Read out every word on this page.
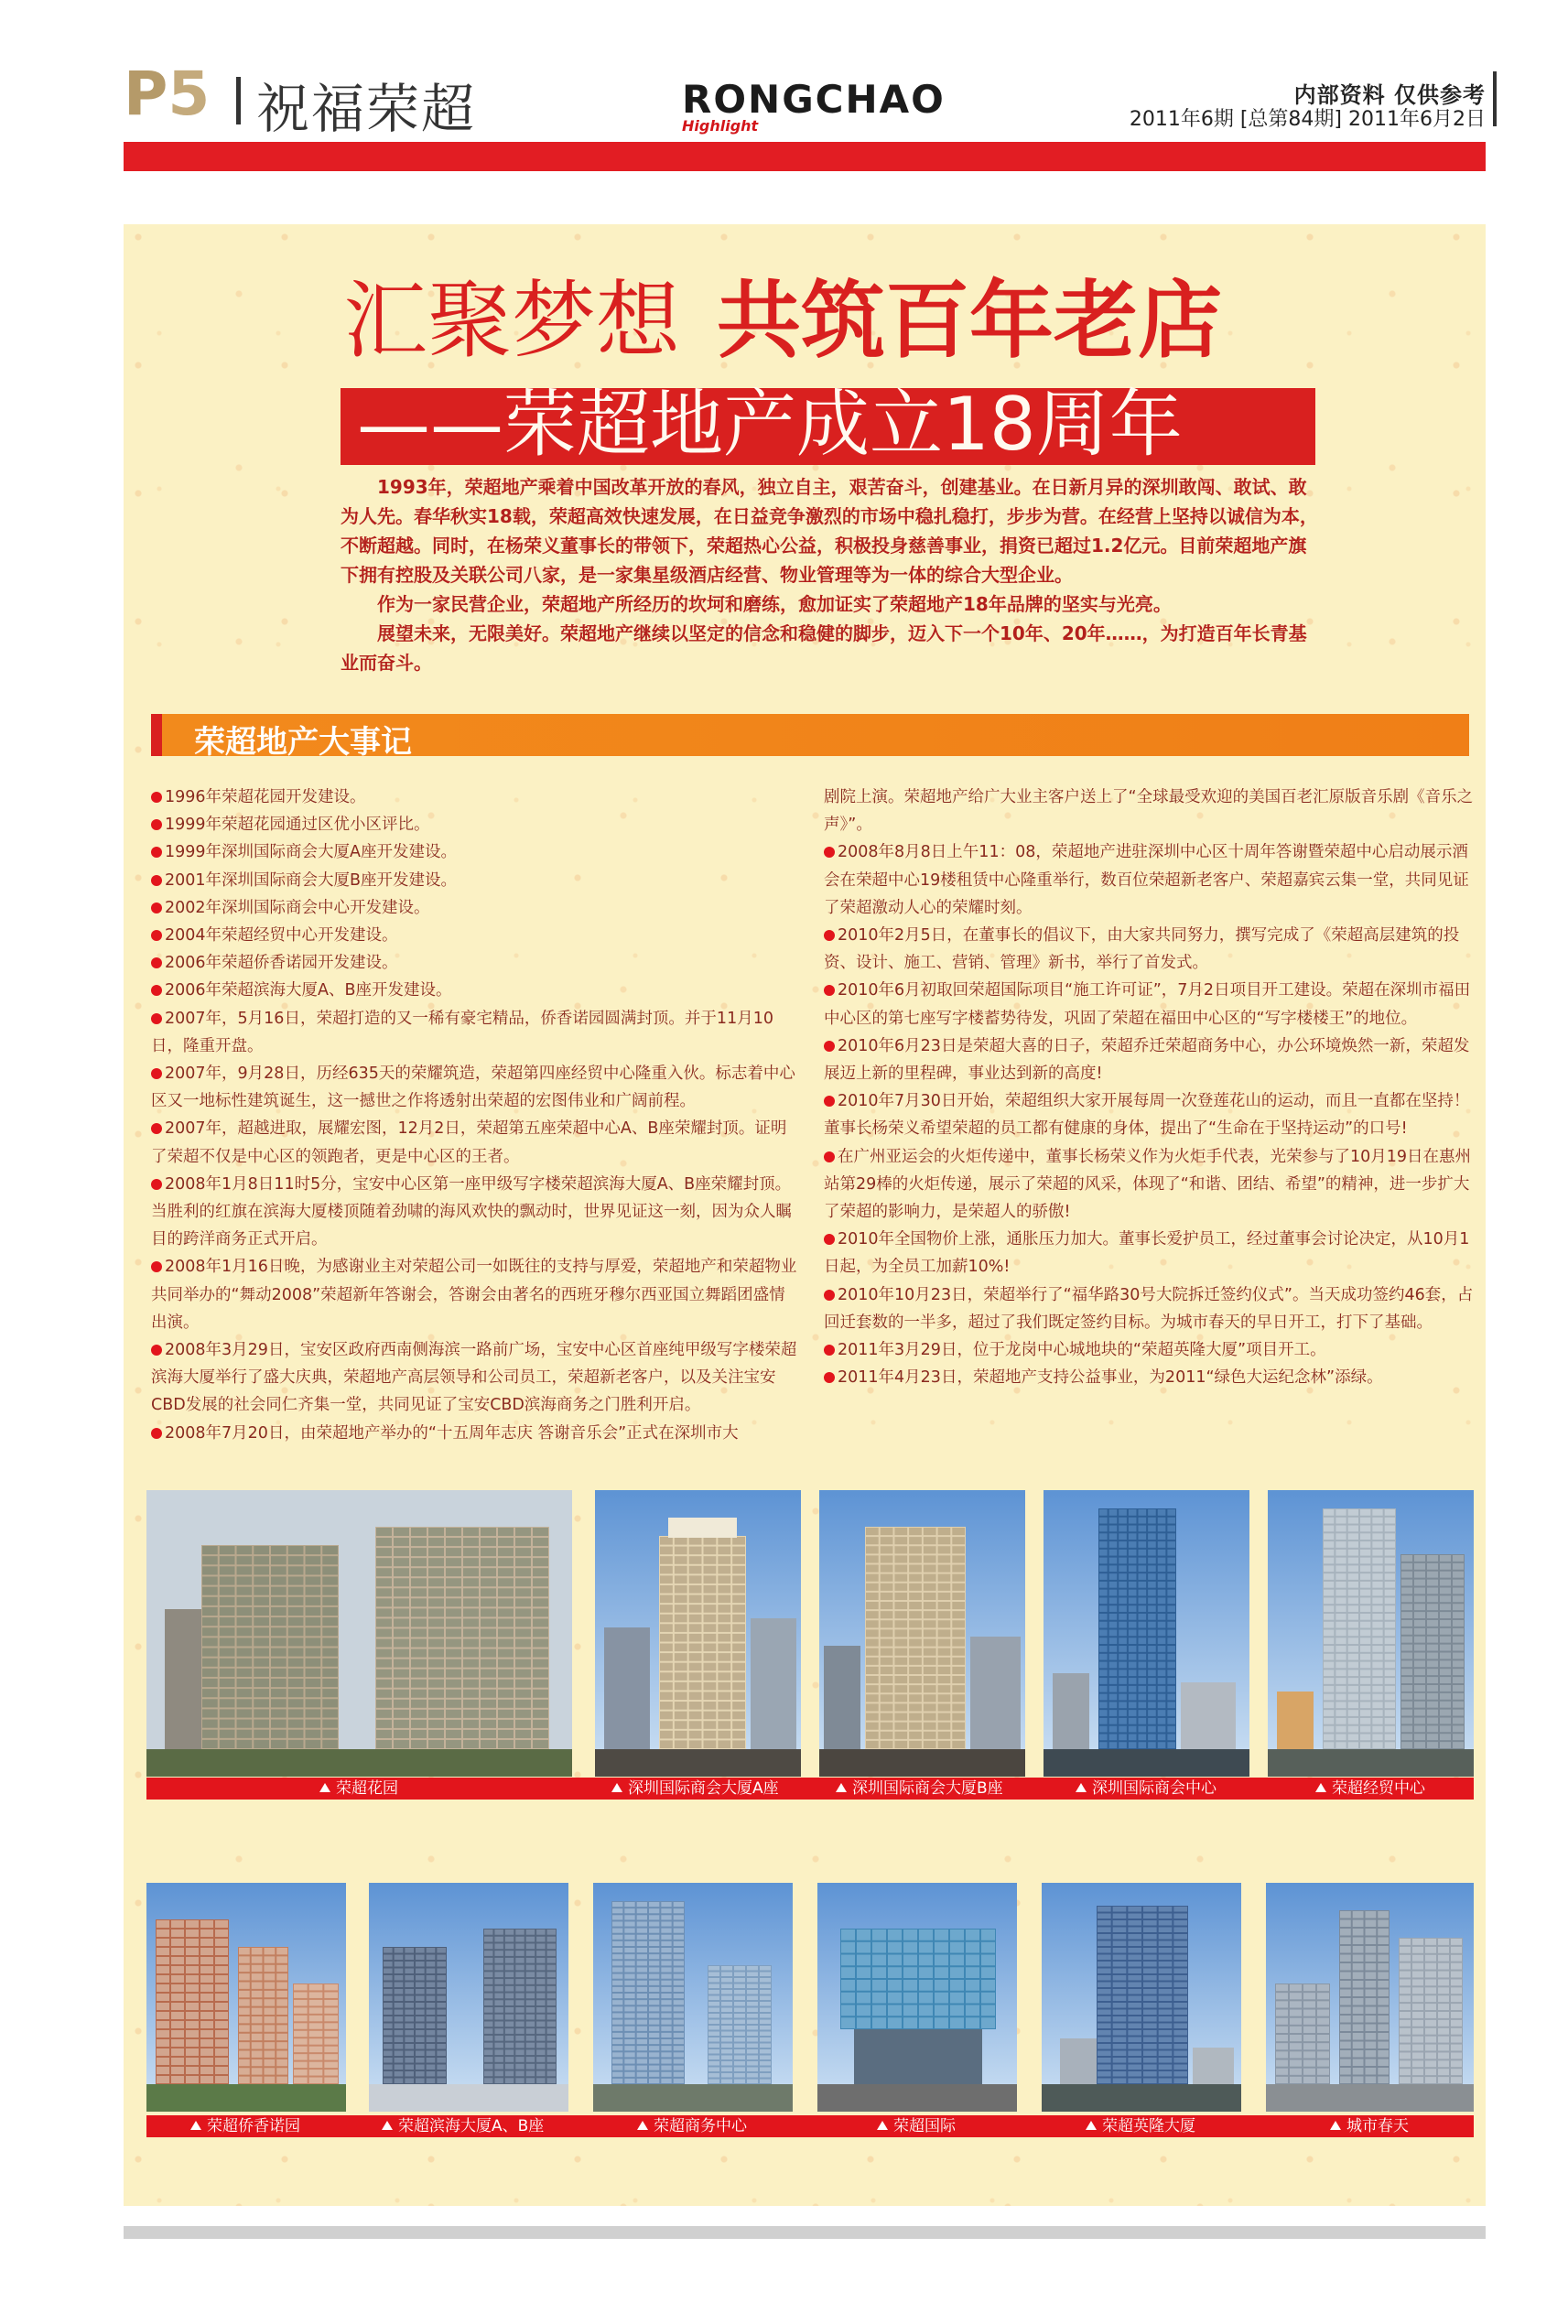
P5 祝福荣超	RONGCHAO
Highlight
内部资料 仅供参考
2011年6期 [总第84期] 2011年6月2日
汇聚梦想 共筑百年老店
——荣超地产成立18周年

1993年，荣超地产乘着中国改革开放的春风，独立自主，艰苦奋斗，创建基业。在日新月异的深圳敢闯、敢试、敢为人先。春华秋实18载，荣超高效快速发展，在日益竞争激烈的市场中稳扎稳打，步步为营。在经营上坚持以诚信为本，不断超越。同时，在杨荣义董事长的带领下，荣超热心公益，积极投身慈善事业，捐资已超过1.2亿元。目前荣超地产旗下拥有控股及关联公司八家，是一家集星级酒店经营、物业管理等为一体的综合大型企业。

作为一家民营企业，荣超地产所经历的坎坷和磨练，愈加证实了荣超地产18年品牌的坚实与光亮。

展望未来，无限美好。荣超地产继续以坚定的信念和稳健的脚步，迈入下一个10年、20年……，为打造百年长青基业而奋斗。

荣超地产大事记

1996年荣超花园开发建设。

1999年荣超花园通过区优小区评比。

1999年深圳国际商会大厦A座开发建设。

2001年深圳国际商会大厦B座开发建设。

2002年深圳国际商会中心开发建设。

2004年荣超经贸中心开发建设。

2006年荣超侨香诺园开发建设。

2006年荣超滨海大厦A、B座开发建设。

2007年，5月16日，荣超打造的又一稀有豪宅精品，侨香诺园圆满封顶。并于11月10日，隆重开盘。

2007年，9月28日，历经635天的荣耀筑造，荣超第四座经贸中心隆重入伙。标志着中心区又一地标性建筑诞生，这一撼世之作将透射出荣超的宏图伟业和广阔前程。

2007年，超越进取，展耀宏图，12月2日，荣超第五座荣超中心A、B座荣耀封顶。证明了荣超不仅是中心区的领跑者，更是中心区的王者。

2008年1月8日11时5分，宝安中心区第一座甲级写字楼荣超滨海大厦A、B座荣耀封顶。当胜利的红旗在滨海大厦楼顶随着劲啸的海风欢快的飘动时，世界见证这一刻，因为众人瞩目的跨洋商务正式开启。

2008年1月16日晚，为感谢业主对荣超公司一如既往的支持与厚爱，荣超地产和荣超物业共同举办的“舞动2008”荣超新年答谢会，答谢会由著名的西班牙穆尔西亚国立舞蹈团盛情出演。

2008年3月29日，宝安区政府西南侧海滨一路前广场，宝安中心区首座纯甲级写字楼荣超滨海大厦举行了盛大庆典，荣超地产高层领导和公司员工，荣超新老客户，以及关注宝安CBD发展的社会同仁齐集一堂，共同见证了宝安CBD滨海商务之门胜利开启。

2008年7月20日，由荣超地产举办的“十五周年志庆 答谢音乐会”正式在深圳市大

剧院上演。荣超地产给广大业主客户送上了“全球最受欢迎的美国百老汇原版音乐剧《音乐之声》”。

2008年8月8日上午11：08，荣超地产进驻深圳中心区十周年答谢暨荣超中心启动展示酒会在荣超中心19楼租赁中心隆重举行，数百位荣超新老客户、荣超嘉宾云集一堂，共同见证了荣超激动人心的荣耀时刻。

2010年2月5日，在董事长的倡议下，由大家共同努力，撰写完成了《荣超高层建筑的投资、设计、施工、营销、管理》新书，举行了首发式。

2010年6月初取回荣超国际项目“施工许可证”，7月2日项目开工建设。荣超在深圳市福田中心区的第七座写字楼蓄势待发，巩固了荣超在福田中心区的“写字楼楼王”的地位。

2010年6月23日是荣超大喜的日子，荣超乔迁荣超商务中心，办公环境焕然一新，荣超发展迈上新的里程碑，事业达到新的高度!

2010年7月30日开始，荣超组织大家开展每周一次登莲花山的运动，而且一直都在坚持！董事长杨荣义希望荣超的员工都有健康的身体，提出了“生命在于坚持运动”的口号!

在广州亚运会的火炬传递中，董事长杨荣义作为火炬手代表，光荣参与了10月19日在惠州站第29棒的火炬传递，展示了荣超的风采，体现了“和谐、团结、希望”的精神，进一步扩大了荣超的影响力，是荣超人的骄傲!

2010年全国物价上涨，通胀压力加大。董事长爱护员工，经过董事会讨论决定，从10月1日起，为全员工加薪10%!

2010年10月23日，荣超举行了“福华路30号大院拆迁签约仪式”。当天成功签约46套，占回迁套数的一半多，超过了我们既定签约目标。为城市春天的早日开工，打下了基础。

2011年3月29日，位于龙岗中心城地块的“荣超英隆大厦”项目开工。

2011年4月23日，荣超地产支持公益事业，为2011“绿色大运纪念林”添绿。

荣超花园	深圳国际商会大厦A座	深圳国际商会大厦B座	深圳国际商会中心	荣超经贸中心
荣超侨香诺园	荣超滨海大厦A、B座	荣超商务中心	荣超国际	荣超英隆大厦	城市春天
